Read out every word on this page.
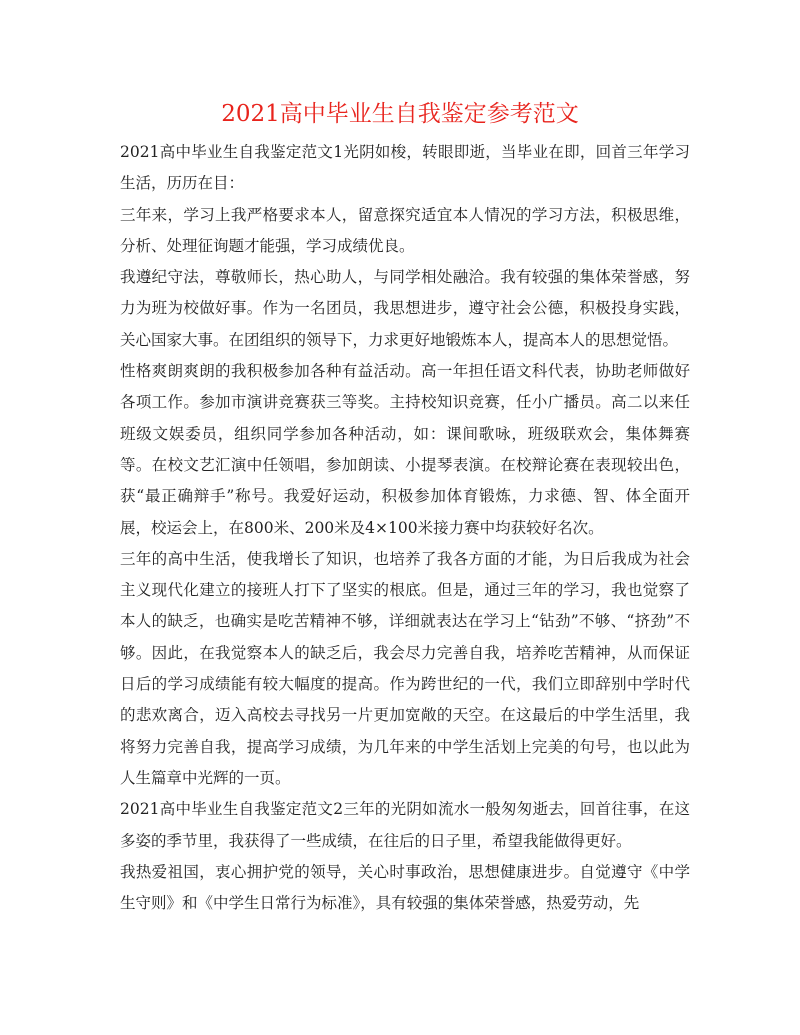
2021高中毕业生自我鉴定参考范文

2021高中毕业生自我鉴定范文1光阴如梭，转眼即逝，当毕业在即，回首三年学习生活，历历在目：

三年来，学习上我严格要求本人，留意探究适宜本人情况的学习方法，积极思维，分析、处理征询题才能强，学习成绩优良。

我遵纪守法，尊敬师长，热心助人，与同学相处融洽。我有较强的集体荣誉感，努力为班为校做好事。作为一名团员，我思想进步，遵守社会公德，积极投身实践，关心国家大事。在团组织的领导下，力求更好地锻炼本人，提高本人的思想觉悟。

性格爽朗爽朗的我积极参加各种有益活动。高一年担任语文科代表，协助老师做好各项工作。参加市演讲竞赛获三等奖。主持校知识竞赛，任小广播员。高二以来任班级文娱委员，组织同学参加各种活动，如：课间歌咏，班级联欢会，集体舞赛等。在校文艺汇演中任领唱，参加朗读、小提琴表演。在校辩论赛在表现较出色，获“最正确辩手”称号。我爱好运动，积极参加体育锻炼，力求德、智、体全面开展，校运会上，在800米、200米及4×100米接力赛中均获较好名次。

三年的高中生活，使我增长了知识，也培养了我各方面的才能，为日后我成为社会主义现代化建立的接班人打下了坚实的根底。但是，通过三年的学习，我也觉察了本人的缺乏，也确实是吃苦精神不够，详细就表达在学习上“钻劲”不够、“挤劲”不够。因此，在我觉察本人的缺乏后，我会尽力完善自我，培养吃苦精神，从而保证日后的学习成绩能有较大幅度的提高。作为跨世纪的一代，我们立即辞别中学时代的悲欢离合，迈入高校去寻找另一片更加宽敞的天空。在这最后的中学生活里，我将努力完善自我，提高学习成绩，为几年来的中学生活划上完美的句号，也以此为人生篇章中光辉的一页。

2021高中毕业生自我鉴定范文2三年的光阴如流水一般匆匆逝去，回首往事，在这多姿的季节里，我获得了一些成绩，在往后的日子里，希望我能做得更好。

我热爱祖国，衷心拥护党的领导，关心时事政治，思想健康进步。自觉遵守《中学生守则》和《中学生日常行为标准》，具有较强的集体荣誉感，热爱劳动，先
